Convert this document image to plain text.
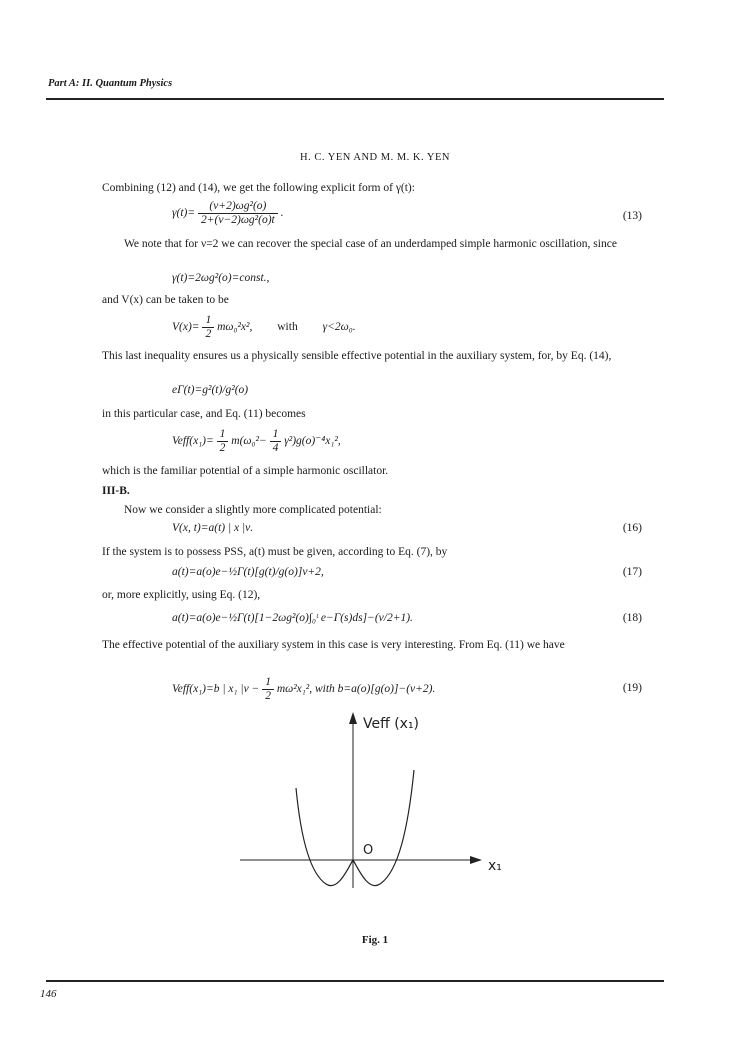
Part A: II. Quantum Physics
H. C. YEN AND M. M. K. YEN
Combining (12) and (14), we get the following explicit form of γ(t):
$\gamma(t)= \frac{\text{(ν+2)ωg²(o)}}{\text{2+(ν−2)ωg²(o)t}}$ .	(13)
We note that for ν=2 we can recover the special case of an underdamped simple harmonic oscillation, since
γ(t)=2ωg²(o)=const.,
and V(x) can be taken to be
$V(x)= \frac{1}{2} m\omega_0^2x^2$, with γ<2ω₀.
This last inequality ensures us a physically sensible effective potential in the auxiliary system, for, by Eq. (14),
eΓ(t)=g²(t)/g²(o)
in this particular case, and Eq. (11) becomes
Veff(x₁)= $\frac{1}{2} m(\omega_0^2- \frac{1}{4} \gamma^2)g(o)^{-4}x_1^2$,
which is the familiar potential of a simple harmonic oscillator.
III-B.
Now we consider a slightly more complicated potential:
V(x, t)=a(t) | x |ν.	(16)
If the system is to possess PSS, a(t) must be given, according to Eq. (7), by
a(t)=a(o)e−½Γ(t)[g(t)/g(o)]ν+2,	(17)
or, more explicitly, using Eq. (12),
a(t)=a(o)e−½Γ(t)[1−2ωg²(o)∫₀ᵗ e−Γ(s)ds]−(ν/2+1).	(18)
The effective potential of the auxiliary system in this case is very interesting. From Eq. (11) we have
Veff(x₁)=b | x₁ $|\nu - \frac{1}{2} m\omega^2x_1^2$, with b=a(o)[g(o)]−(ν+2).	(19)
O
Veff (x₁)
x₁
Fig. 1
146
